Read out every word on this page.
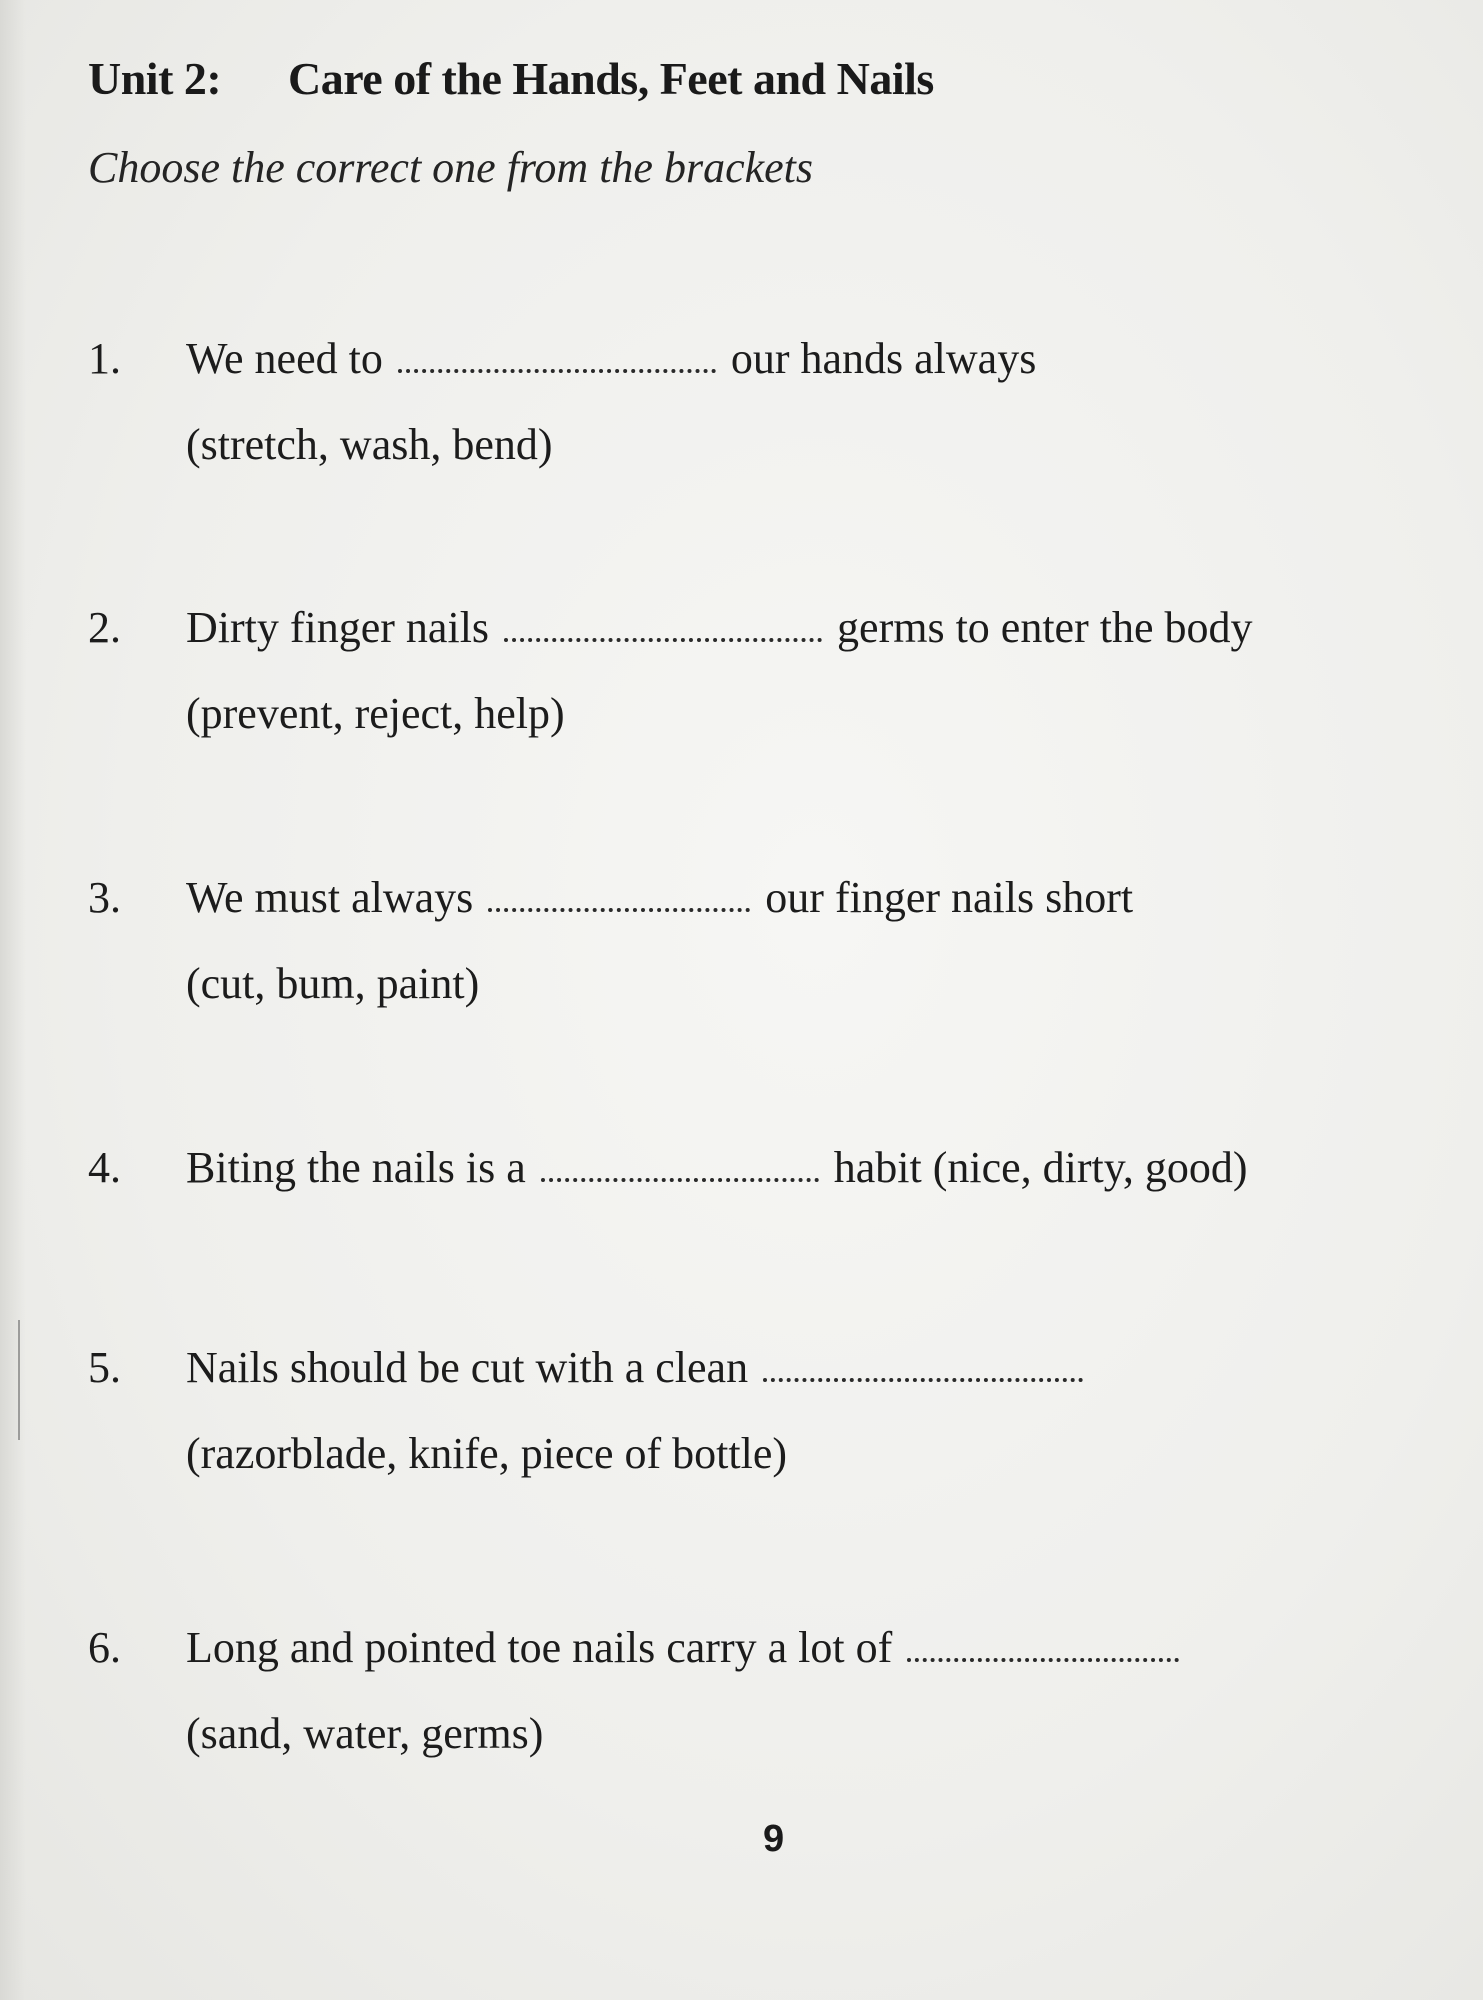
Unit 2: Care of the Hands, Feet and Nails
Choose the correct one from the brackets
1.	We need to	our hands always
(stretch, wash, bend)
2.	Dirty finger nails	germs to enter the body
(prevent, reject, help)
3.	We must always	our finger nails short
(cut, bum, paint)
4.	Biting the nails is a	habit (nice, dirty, good)
5.	Nails should be cut with a clean
(razorblade, knife, piece of bottle)
6.	Long and pointed toe nails carry a lot of
(sand, water, germs)
9
